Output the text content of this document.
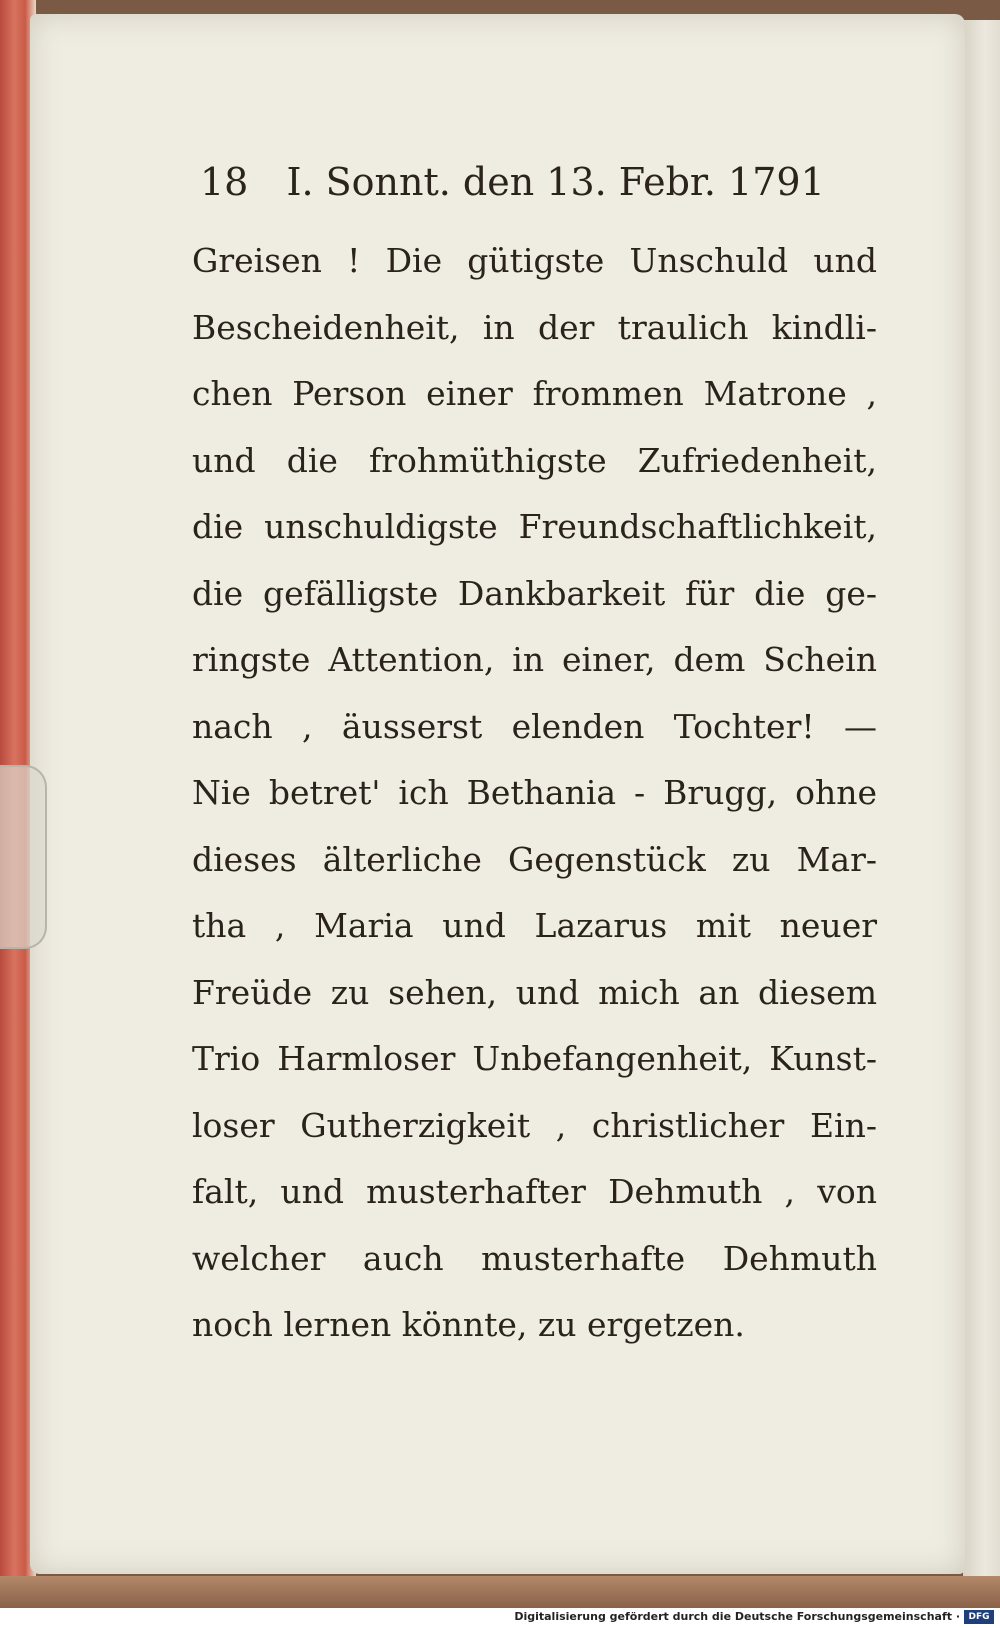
18 I. Sonnt. den 13. Febr. 1791
Greisen ! Die gütigste Unschuld und
Bescheidenheit, in der traulich kindli-
chen Person einer frommen Matrone ,
und die frohmüthigste Zufriedenheit,
die unschuldigste Freundschaftlichkeit,
die gefälligste Dankbarkeit für die ge-
ringste Attention, in einer, dem Schein
nach , äusserst elenden Tochter! —
Nie betret' ich Bethania - Brugg, ohne
dieses älterliche Gegenstück zu Mar-
tha , Maria und Lazarus mit neuer
Freüde zu sehen, und mich an diesem
Trio Harmloser Unbefangenheit, Kunst-
loser Gutherzigkeit , christlicher Ein-
falt, und musterhafter Dehmuth , von
welcher auch musterhafte Dehmuth
noch lernen könnte, zu ergetzen.
Digitalisierung gefördert durch die Deutsche Forschungsgemeinschaft · DFG
